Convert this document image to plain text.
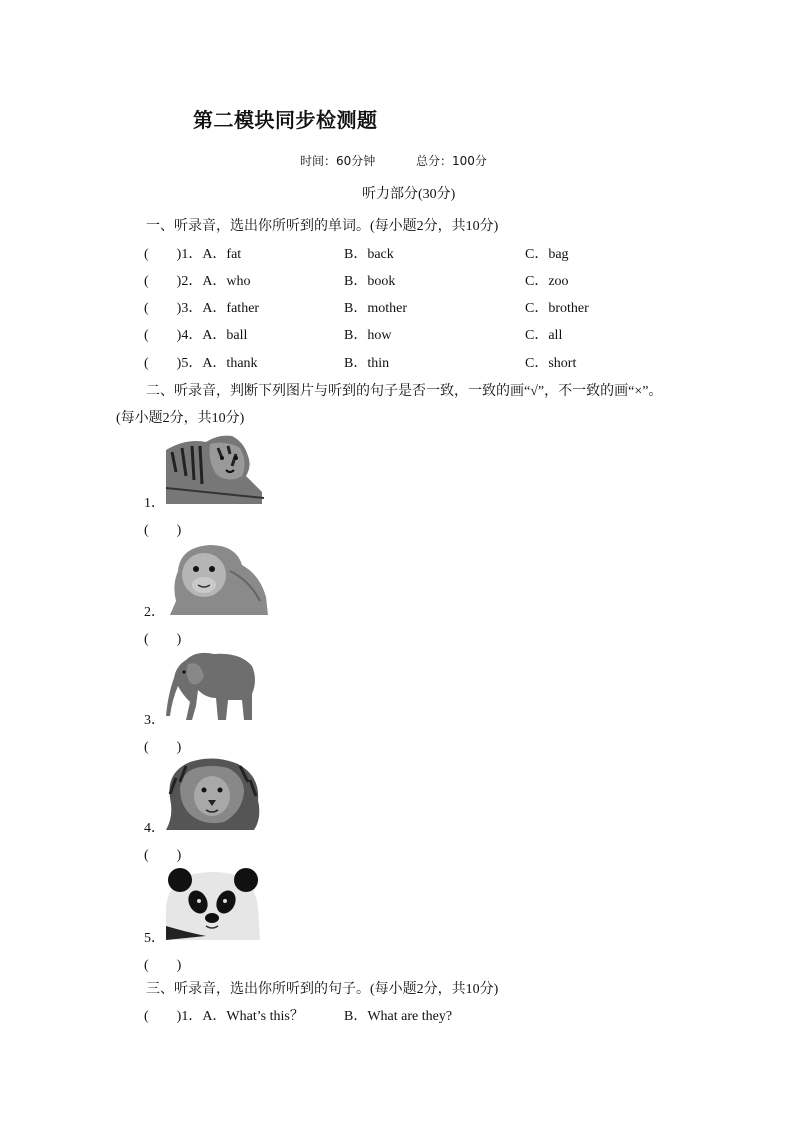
第二模块同步检测题
时间：60分钟	总分：100分
听力部分(30分)
一、听录音，选出你所听到的单词。(每小题2分，共10分)
(　　)1．A．fat	B．back	C．bag
(　　)2．A．who	B．book	C．zoo
(　　)3．A．father	B．mother	C．brother
(　　)4．A．ball	B．how	C．all
(　　)5．A．thank	B．thin	C．short
二、听录音，判断下列图片与听到的句子是否一致，一致的画“√”，不一致的画“×”。
(每小题2分，共10分)
1．
(　　)
2．
(　　)
3．
(　　)
4．
(　　)
5．
(　　)
三、听录音，选出你所听到的句子。(每小题2分，共10分)
(　　)1．A．What’s this？	B．What are they?
